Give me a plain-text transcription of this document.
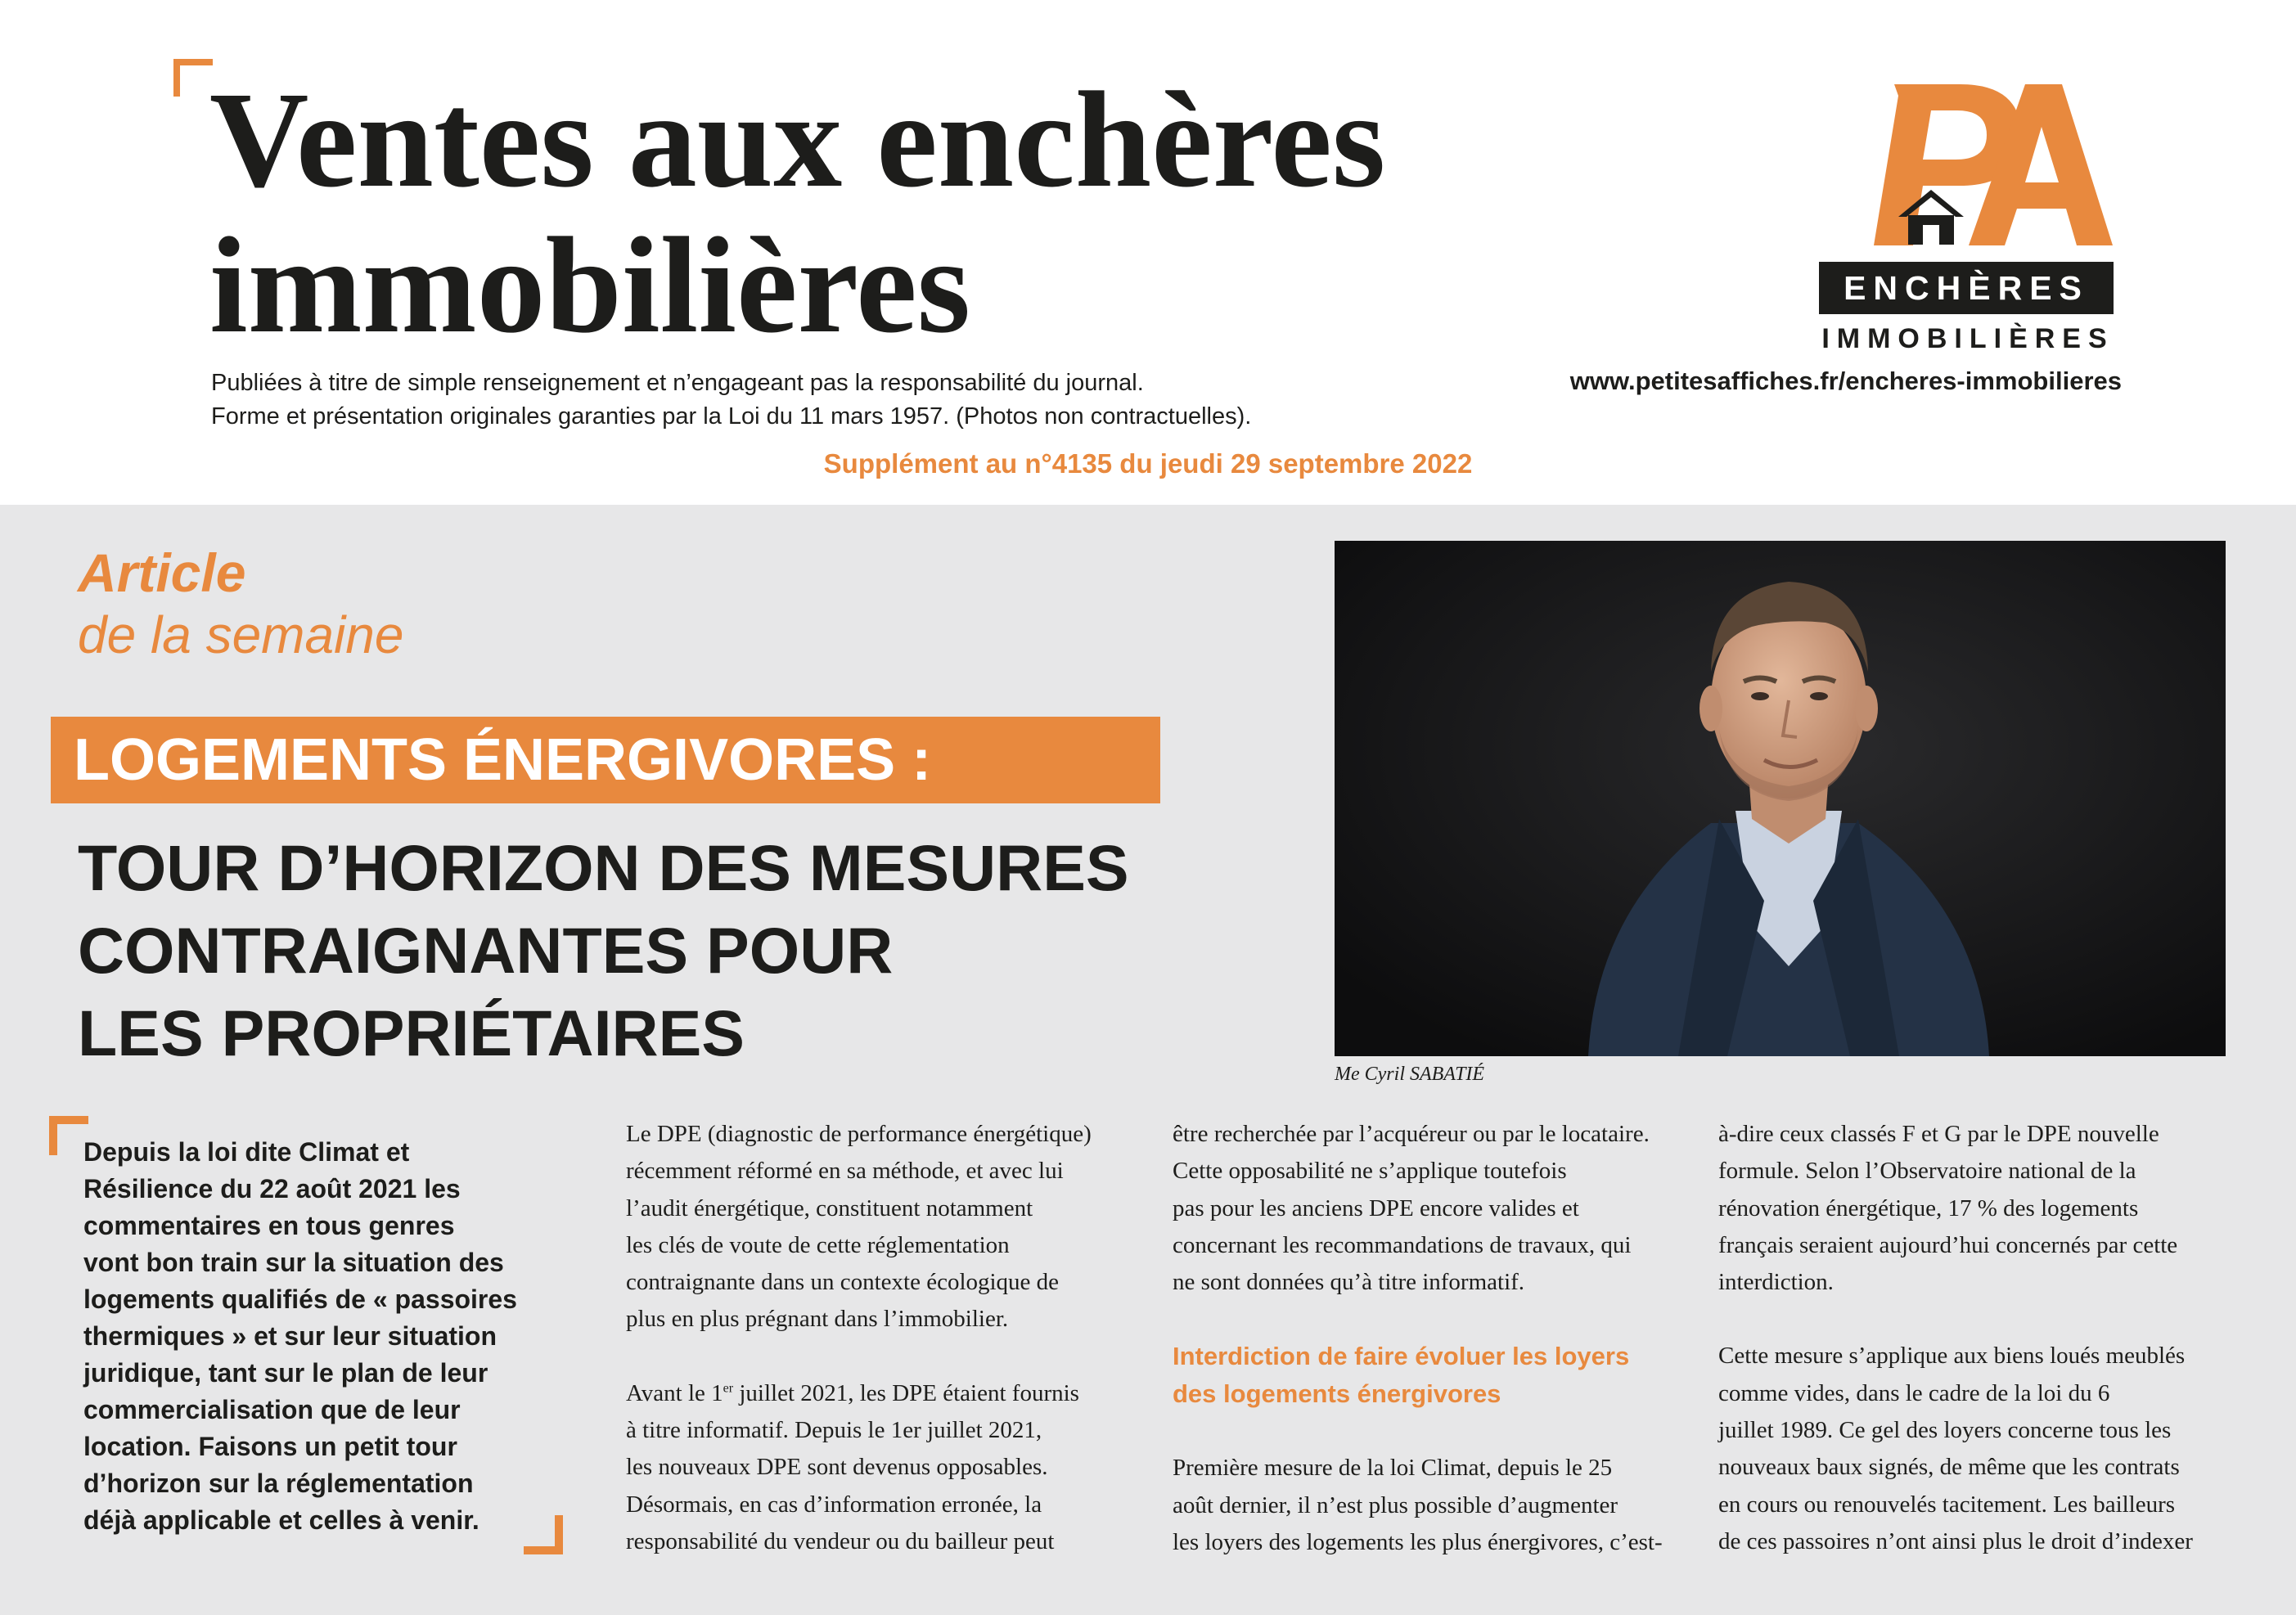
Ventes aux enchères
immobilières
Publiées à titre de simple renseignement et n’engageant pas la responsabilité du journal.
Forme et présentation originales garanties par la Loi du 11 mars 1957. (Photos non contractuelles).
Supplément au n°4135 du jeudi 29 septembre 2022
ENCHÈRES
IMMOBILIÈRES
www.petitesaffiches.fr/encheres-immobilieres
Article
de la semaine
LOGEMENTS ÉNERGIVORES :
TOUR D’HORIZON DES MESURES
CONTRAIGNANTES POUR
LES PROPRIÉTAIRES
Me Cyril SABATIÉ
Depuis la loi dite Climat et
Résilience du 22 août 2021 les
commentaires en tous genres
vont bon train sur la situation des
logements qualifiés de « passoires
thermiques » et sur leur situation
juridique, tant sur le plan de leur
commercialisation que de leur
location. Faisons un petit tour
d’horizon sur la réglementation
déjà applicable et celles à venir.
Le DPE (diagnostic de performance énergétique)
récemment réformé en sa méthode, et avec lui
l’audit énergétique, constituent notamment
les clés de voute de cette réglementation
contraignante dans un contexte écologique de
plus en plus prégnant dans l’immobilier.
Avant le 1er juillet 2021, les DPE étaient fournis
à titre informatif. Depuis le 1er juillet 2021,
les nouveaux DPE sont devenus opposables.
Désormais, en cas d’information erronée, la
responsabilité du vendeur ou du bailleur peut
être recherchée par l’acquéreur ou par le locataire.
Cette opposabilité ne s’applique toutefois
pas pour les anciens DPE encore valides et
concernant les recommandations de travaux, qui
ne sont données qu’à titre informatif.
Interdiction de faire évoluer les loyers
des logements énergivores
Première mesure de la loi Climat, depuis le 25
août dernier, il n’est plus possible d’augmenter
les loyers des logements les plus énergivores, c’est-
à-dire ceux classés F et G par le DPE nouvelle
formule. Selon l’Observatoire national de la
rénovation énergétique, 17 % des logements
français seraient aujourd’hui concernés par cette
interdiction.
Cette mesure s’applique aux biens loués meublés
comme vides, dans le cadre de la loi du 6
juillet 1989. Ce gel des loyers concerne tous les
nouveaux baux signés, de même que les contrats
en cours ou renouvelés tacitement. Les bailleurs
de ces passoires n’ont ainsi plus le droit d’indexer
